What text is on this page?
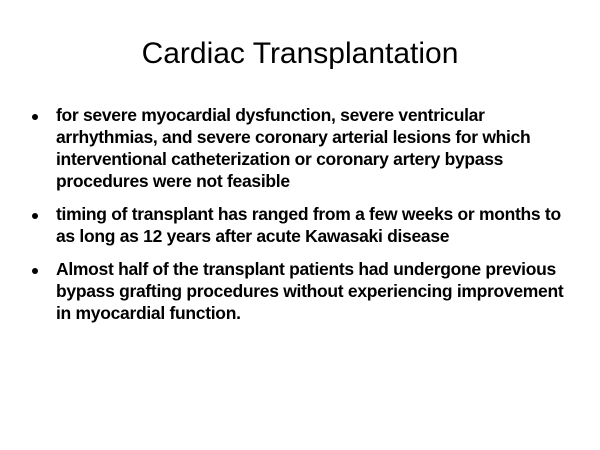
Cardiac Transplantation
for severe myocardial dysfunction, severe ventricular arrhythmias, and severe coronary arterial lesions for which interventional catheterization or coronary artery bypass procedures were not feasible
timing of transplant has ranged from a few weeks or months to as long as 12 years after acute Kawasaki disease
Almost half of the transplant patients had undergone previous bypass grafting procedures without experiencing improvement in myocardial function.
